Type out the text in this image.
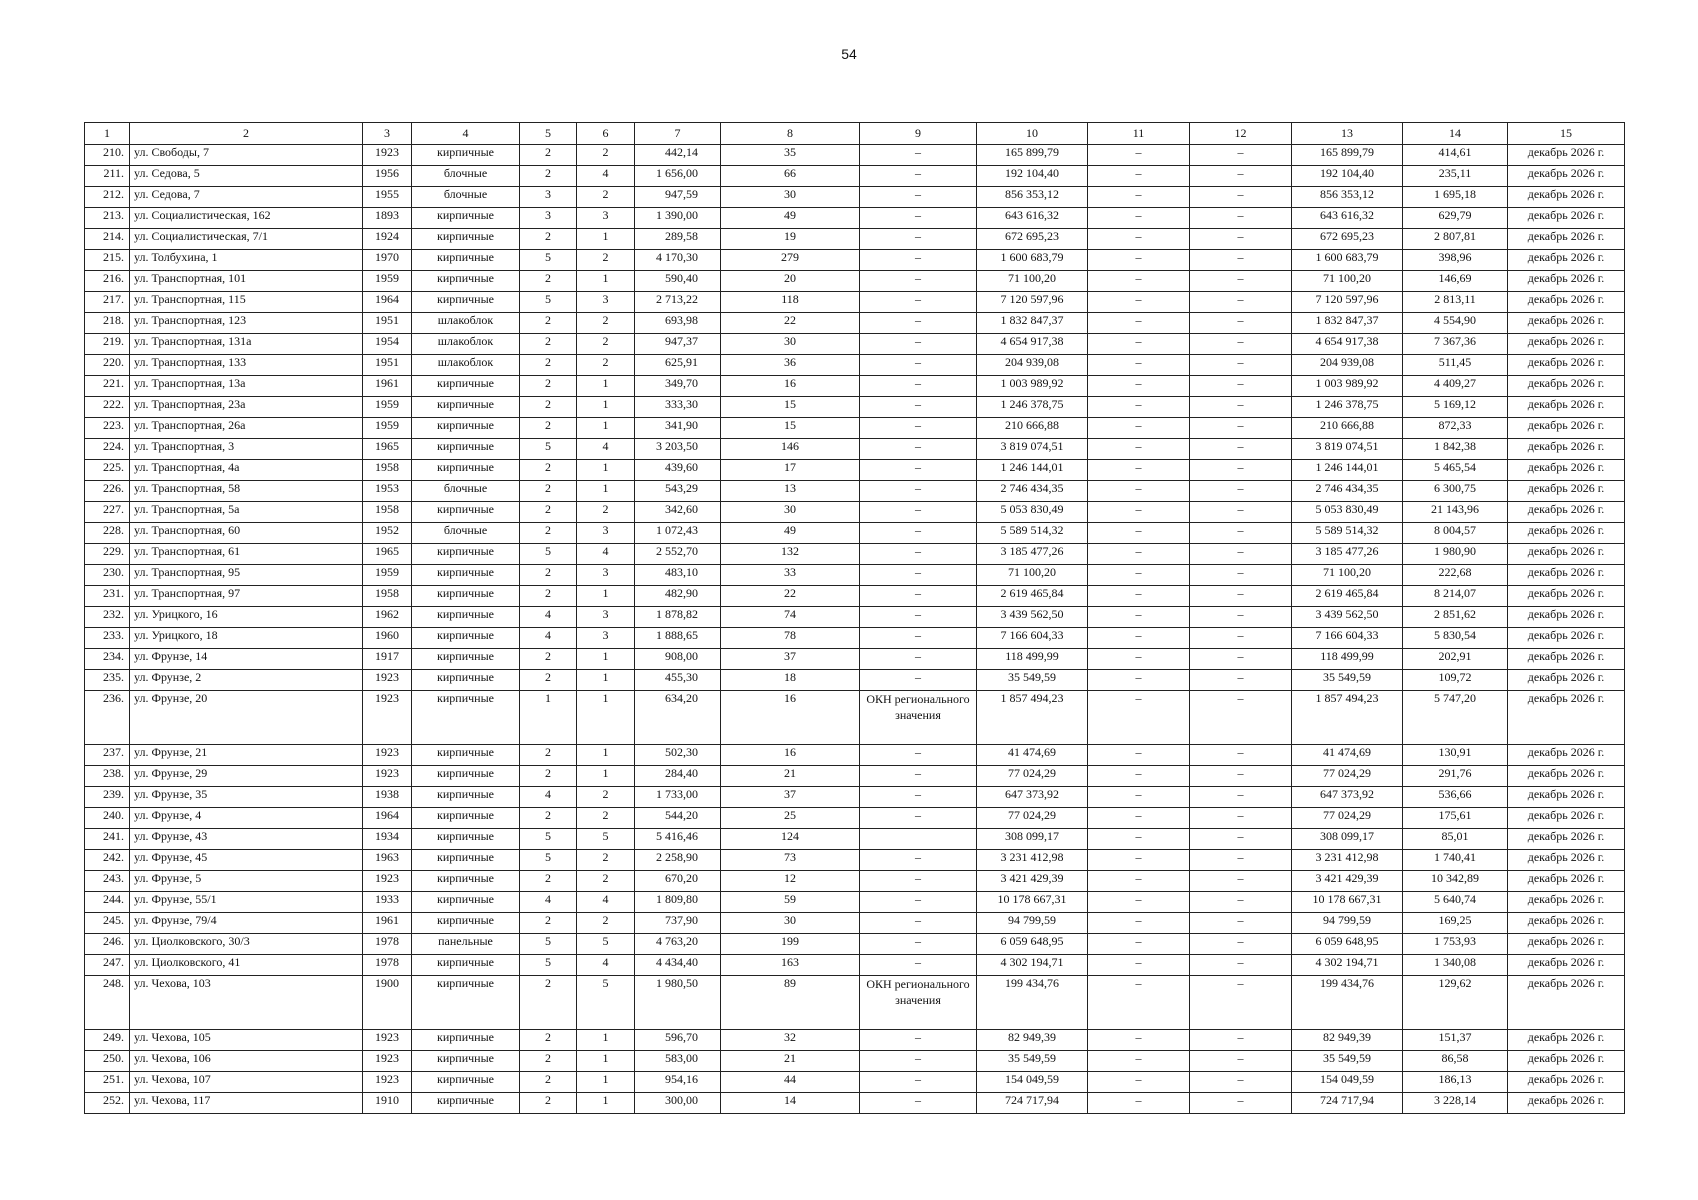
54
1	2	3	4	5	6	7	8	9	10	11	12	13	14	15
210.	ул. Свободы, 7	1923	кирпичные	2	2	442,14	35	–	165 899,79	–	–	165 899,79	414,61	декабрь 2026 г.
211.	ул. Седова, 5	1956	блочные	2	4	1 656,00	66	–	192 104,40	–	–	192 104,40	235,11	декабрь 2026 г.
212.	ул. Седова, 7	1955	блочные	3	2	947,59	30	–	856 353,12	–	–	856 353,12	1 695,18	декабрь 2026 г.
213.	ул. Социалистическая, 162	1893	кирпичные	3	3	1 390,00	49	–	643 616,32	–	–	643 616,32	629,79	декабрь 2026 г.
214.	ул. Социалистическая, 7/1	1924	кирпичные	2	1	289,58	19	–	672 695,23	–	–	672 695,23	2 807,81	декабрь 2026 г.
215.	ул. Толбухина, 1	1970	кирпичные	5	2	4 170,30	279	–	1 600 683,79	–	–	1 600 683,79	398,96	декабрь 2026 г.
216.	ул. Транспортная, 101	1959	кирпичные	2	1	590,40	20	–	71 100,20	–	–	71 100,20	146,69	декабрь 2026 г.
217.	ул. Транспортная, 115	1964	кирпичные	5	3	2 713,22	118	–	7 120 597,96	–	–	7 120 597,96	2 813,11	декабрь 2026 г.
218.	ул. Транспортная, 123	1951	шлакоблок	2	2	693,98	22	–	1 832 847,37	–	–	1 832 847,37	4 554,90	декабрь 2026 г.
219.	ул. Транспортная, 131а	1954	шлакоблок	2	2	947,37	30	–	4 654 917,38	–	–	4 654 917,38	7 367,36	декабрь 2026 г.
220.	ул. Транспортная, 133	1951	шлакоблок	2	2	625,91	36	–	204 939,08	–	–	204 939,08	511,45	декабрь 2026 г.
221.	ул. Транспортная, 13а	1961	кирпичные	2	1	349,70	16	–	1 003 989,92	–	–	1 003 989,92	4 409,27	декабрь 2026 г.
222.	ул. Транспортная, 23а	1959	кирпичные	2	1	333,30	15	–	1 246 378,75	–	–	1 246 378,75	5 169,12	декабрь 2026 г.
223.	ул. Транспортная, 26а	1959	кирпичные	2	1	341,90	15	–	210 666,88	–	–	210 666,88	872,33	декабрь 2026 г.
224.	ул. Транспортная, 3	1965	кирпичные	5	4	3 203,50	146	–	3 819 074,51	–	–	3 819 074,51	1 842,38	декабрь 2026 г.
225.	ул. Транспортная, 4а	1958	кирпичные	2	1	439,60	17	–	1 246 144,01	–	–	1 246 144,01	5 465,54	декабрь 2026 г.
226.	ул. Транспортная, 58	1953	блочные	2	1	543,29	13	–	2 746 434,35	–	–	2 746 434,35	6 300,75	декабрь 2026 г.
227.	ул. Транспортная, 5а	1958	кирпичные	2	2	342,60	30	–	5 053 830,49	–	–	5 053 830,49	21 143,96	декабрь 2026 г.
228.	ул. Транспортная, 60	1952	блочные	2	3	1 072,43	49	–	5 589 514,32	–	–	5 589 514,32	8 004,57	декабрь 2026 г.
229.	ул. Транспортная, 61	1965	кирпичные	5	4	2 552,70	132	–	3 185 477,26	–	–	3 185 477,26	1 980,90	декабрь 2026 г.
230.	ул. Транспортная, 95	1959	кирпичные	2	3	483,10	33	–	71 100,20	–	–	71 100,20	222,68	декабрь 2026 г.
231.	ул. Транспортная, 97	1958	кирпичные	2	1	482,90	22	–	2 619 465,84	–	–	2 619 465,84	8 214,07	декабрь 2026 г.
232.	ул. Урицкого, 16	1962	кирпичные	4	3	1 878,82	74	–	3 439 562,50	–	–	3 439 562,50	2 851,62	декабрь 2026 г.
233.	ул. Урицкого, 18	1960	кирпичные	4	3	1 888,65	78	–	7 166 604,33	–	–	7 166 604,33	5 830,54	декабрь 2026 г.
234.	ул. Фрунзе, 14	1917	кирпичные	2	1	908,00	37	–	118 499,99	–	–	118 499,99	202,91	декабрь 2026 г.
235.	ул. Фрунзе, 2	1923	кирпичные	2	1	455,30	18	–	35 549,59	–	–	35 549,59	109,72	декабрь 2026 г.
236.	ул. Фрунзе, 20	1923	кирпичные	1	1	634,20	16	ОКН регионального значения	1 857 494,23	–	–	1 857 494,23	5 747,20	декабрь 2026 г.
237.	ул. Фрунзе, 21	1923	кирпичные	2	1	502,30	16	–	41 474,69	–	–	41 474,69	130,91	декабрь 2026 г.
238.	ул. Фрунзе, 29	1923	кирпичные	2	1	284,40	21	–	77 024,29	–	–	77 024,29	291,76	декабрь 2026 г.
239.	ул. Фрунзе, 35	1938	кирпичные	4	2	1 733,00	37	–	647 373,92	–	–	647 373,92	536,66	декабрь 2026 г.
240.	ул. Фрунзе, 4	1964	кирпичные	2	2	544,20	25	–	77 024,29	–	–	77 024,29	175,61	декабрь 2026 г.
241.	ул. Фрунзе, 43	1934	кирпичные	5	5	5 416,46	124		308 099,17	–	–	308 099,17	85,01	декабрь 2026 г.
242.	ул. Фрунзе, 45	1963	кирпичные	5	2	2 258,90	73	–	3 231 412,98	–	–	3 231 412,98	1 740,41	декабрь 2026 г.
243.	ул. Фрунзе, 5	1923	кирпичные	2	2	670,20	12	–	3 421 429,39	–	–	3 421 429,39	10 342,89	декабрь 2026 г.
244.	ул. Фрунзе, 55/1	1933	кирпичные	4	4	1 809,80	59	–	10 178 667,31	–	–	10 178 667,31	5 640,74	декабрь 2026 г.
245.	ул. Фрунзе, 79/4	1961	кирпичные	2	2	737,90	30	–	94 799,59	–	–	94 799,59	169,25	декабрь 2026 г.
246.	ул. Циолковского, 30/3	1978	панельные	5	5	4 763,20	199	–	6 059 648,95	–	–	6 059 648,95	1 753,93	декабрь 2026 г.
247.	ул. Циолковского, 41	1978	кирпичные	5	4	4 434,40	163	–	4 302 194,71	–	–	4 302 194,71	1 340,08	декабрь 2026 г.
248.	ул. Чехова, 103	1900	кирпичные	2	5	1 980,50	89	ОКН регионального значения	199 434,76	–	–	199 434,76	129,62	декабрь 2026 г.
249.	ул. Чехова, 105	1923	кирпичные	2	1	596,70	32	–	82 949,39	–	–	82 949,39	151,37	декабрь 2026 г.
250.	ул. Чехова, 106	1923	кирпичные	2	1	583,00	21	–	35 549,59	–	–	35 549,59	86,58	декабрь 2026 г.
251.	ул. Чехова, 107	1923	кирпичные	2	1	954,16	44	–	154 049,59	–	–	154 049,59	186,13	декабрь 2026 г.
252.	ул. Чехова, 117	1910	кирпичные	2	1	300,00	14	–	724 717,94	–	–	724 717,94	3 228,14	декабрь 2026 г.
